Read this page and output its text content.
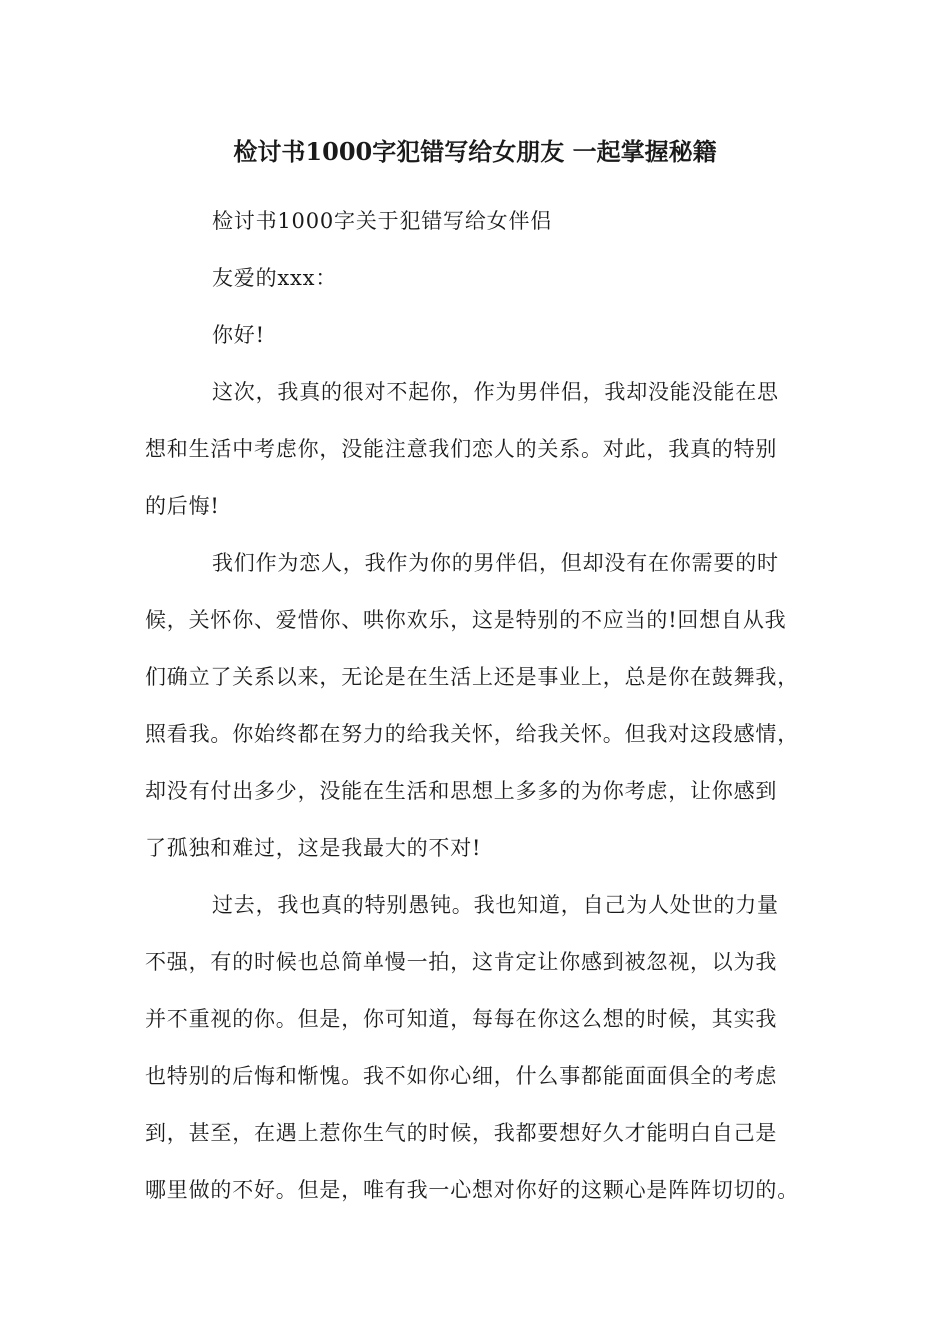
检讨书1000字犯错写给女朋友 一起掌握秘籍
检讨书1000字关于犯错写给女伴侣
友爱的xxx：
你好!
这次，我真的很对不起你，作为男伴侣，我却没能没能在思
想和生活中考虑你，没能注意我们恋人的关系。对此，我真的特别
的后悔!
我们作为恋人，我作为你的男伴侣，但却没有在你需要的时
候，关怀你、爱惜你、哄你欢乐，这是特别的不应当的!回想自从我
们确立了关系以来，无论是在生活上还是事业上，总是你在鼓舞我，
照看我。你始终都在努力的给我关怀，给我关怀。但我对这段感情，
却没有付出多少，没能在生活和思想上多多的为你考虑，让你感到
了孤独和难过，这是我最大的不对!
过去，我也真的特别愚钝。我也知道，自己为人处世的力量
不强，有的时候也总简单慢一拍，这肯定让你感到被忽视，以为我
并不重视的你。但是，你可知道，每每在你这么想的时候，其实我
也特别的后悔和惭愧。我不如你心细，什么事都能面面俱全的考虑
到，甚至，在遇上惹你生气的时候，我都要想好久才能明白自己是
哪里做的不好。但是，唯有我一心想对你好的这颗心是阵阵切切的。
